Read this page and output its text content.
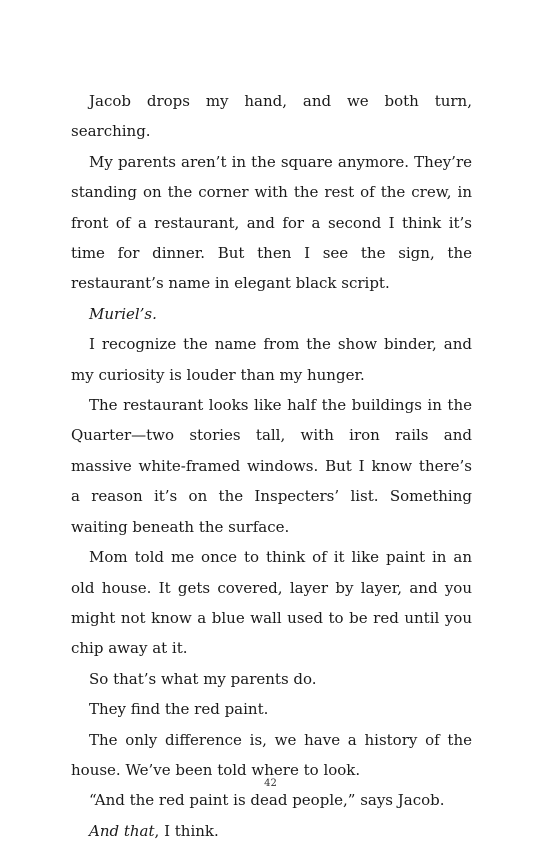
Jacob drops my hand, and we both turn, searching.

My parents aren’t in the square anymore. They’re standing on the corner with the rest of the crew, in front of a restaurant, and for a second I think it’s time for dinner. But then I see the sign, the restaurant’s name in elegant black script.

Muriel’s.

I recognize the name from the show binder, and my curiosity is louder than my hunger.

The restaurant looks like half the buildings in the Quarter—two stories tall, with iron rails and massive white-framed windows. But I know there’s a reason it’s on the Inspecters’ list. Something waiting beneath the surface.

Mom told me once to think of it like paint in an old house. It gets covered, layer by layer, and you might not know a blue wall used to be red until you chip away at it.

So that’s what my parents do.

They find the red paint.

The only difference is, we have a history of the house. We’ve been told where to look.

“And the red paint is dead people,” says Jacob.

And that, I think.

42
